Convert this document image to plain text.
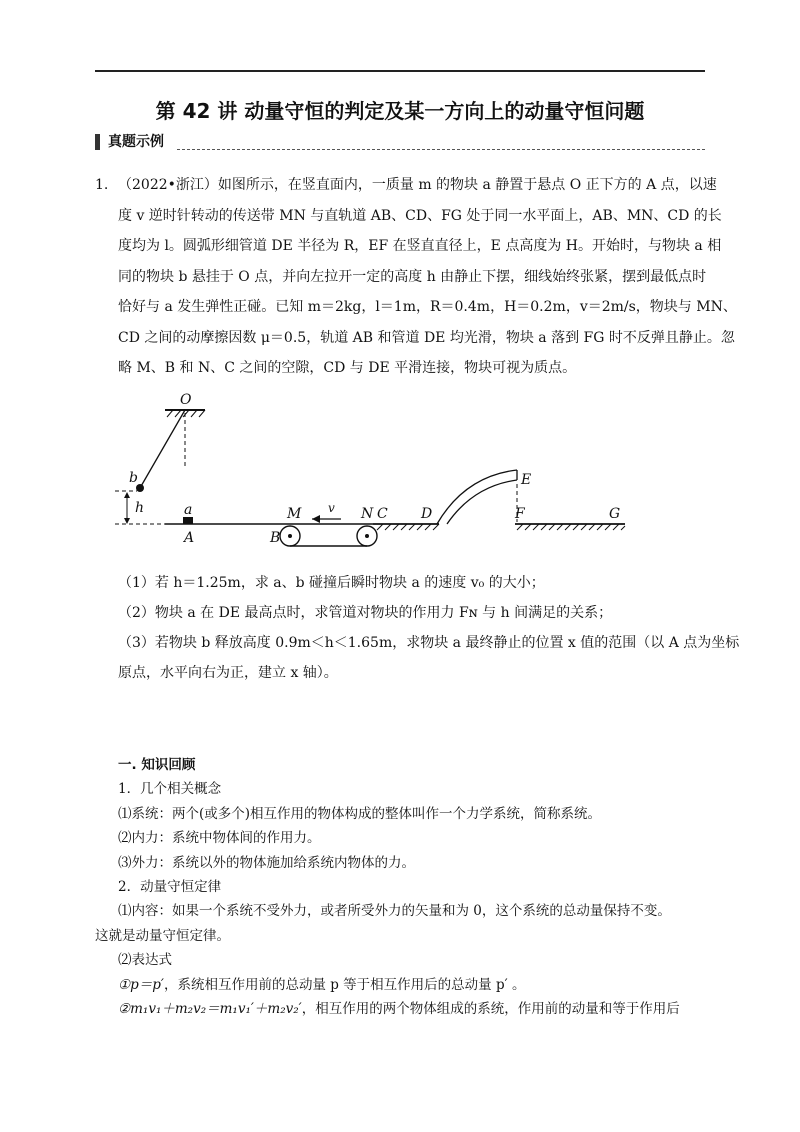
第 42 讲 动量守恒的判定及某一方向上的动量守恒问题
真题示例
1. （2022•浙江）如图所示，在竖直面内，一质量 m 的物块 a 静置于悬点 O 正下方的 A 点，以速

度 v 逆时针转动的传送带 MN 与直轨道 AB、CD、FG 处于同一水平面上，AB、MN、CD 的长

度均为 l。圆弧形细管道 DE 半径为 R，EF 在竖直直径上，E 点高度为 H。开始时，与物块 a 相

同的物块 b 悬挂于 O 点，并向左拉开一定的高度 h 由静止下摆，细线始终张紧，摆到最低点时

恰好与 a 发生弹性正碰。已知 m＝2kg，l＝1m，R＝0.4m，H＝0.2m，v＝2m/s，物块与 MN、

CD 之间的动摩擦因数 μ＝0.5，轨道 AB 和管道 DE 均光滑，物块 a 落到 FG 时不反弹且静止。忽

略 M、B 和 N、C 之间的空隙，CD 与 DE 平滑连接，物块可视为质点。

O
b
h	a
A	B
M v N C D
E
F	G

（1）若 h＝1.25m，求 a、b 碰撞后瞬时物块 a 的速度 v₀ 的大小；

（2）物块 a 在 DE 最高点时，求管道对物块的作用力 Fɴ 与 h 间满足的关系；

（3）若物块 b 释放高度 0.9m＜h＜1.65m，求物块 a 最终静止的位置 x 值的范围（以 A 点为坐标

原点，水平向右为正，建立 x 轴）。

一. 知识回顾

1．几个相关概念

⑴系统：两个(或多个)相互作用的物体构成的整体叫作一个力学系统，简称系统。

⑵内力：系统中物体间的作用力。

⑶外力：系统以外的物体施加给系统内物体的力。

2．动量守恒定律

⑴内容：如果一个系统不受外力，或者所受外力的矢量和为 0，这个系统的总动量保持不变。

这就是动量守恒定律。

⑵表达式

①p＝p′，系统相互作用前的总动量 p 等于相互作用后的总动量 p′ 。

②m₁v₁＋m₂v₂＝m₁v₁′＋m₂v₂′，相互作用的两个物体组成的系统，作用前的动量和等于作用后
